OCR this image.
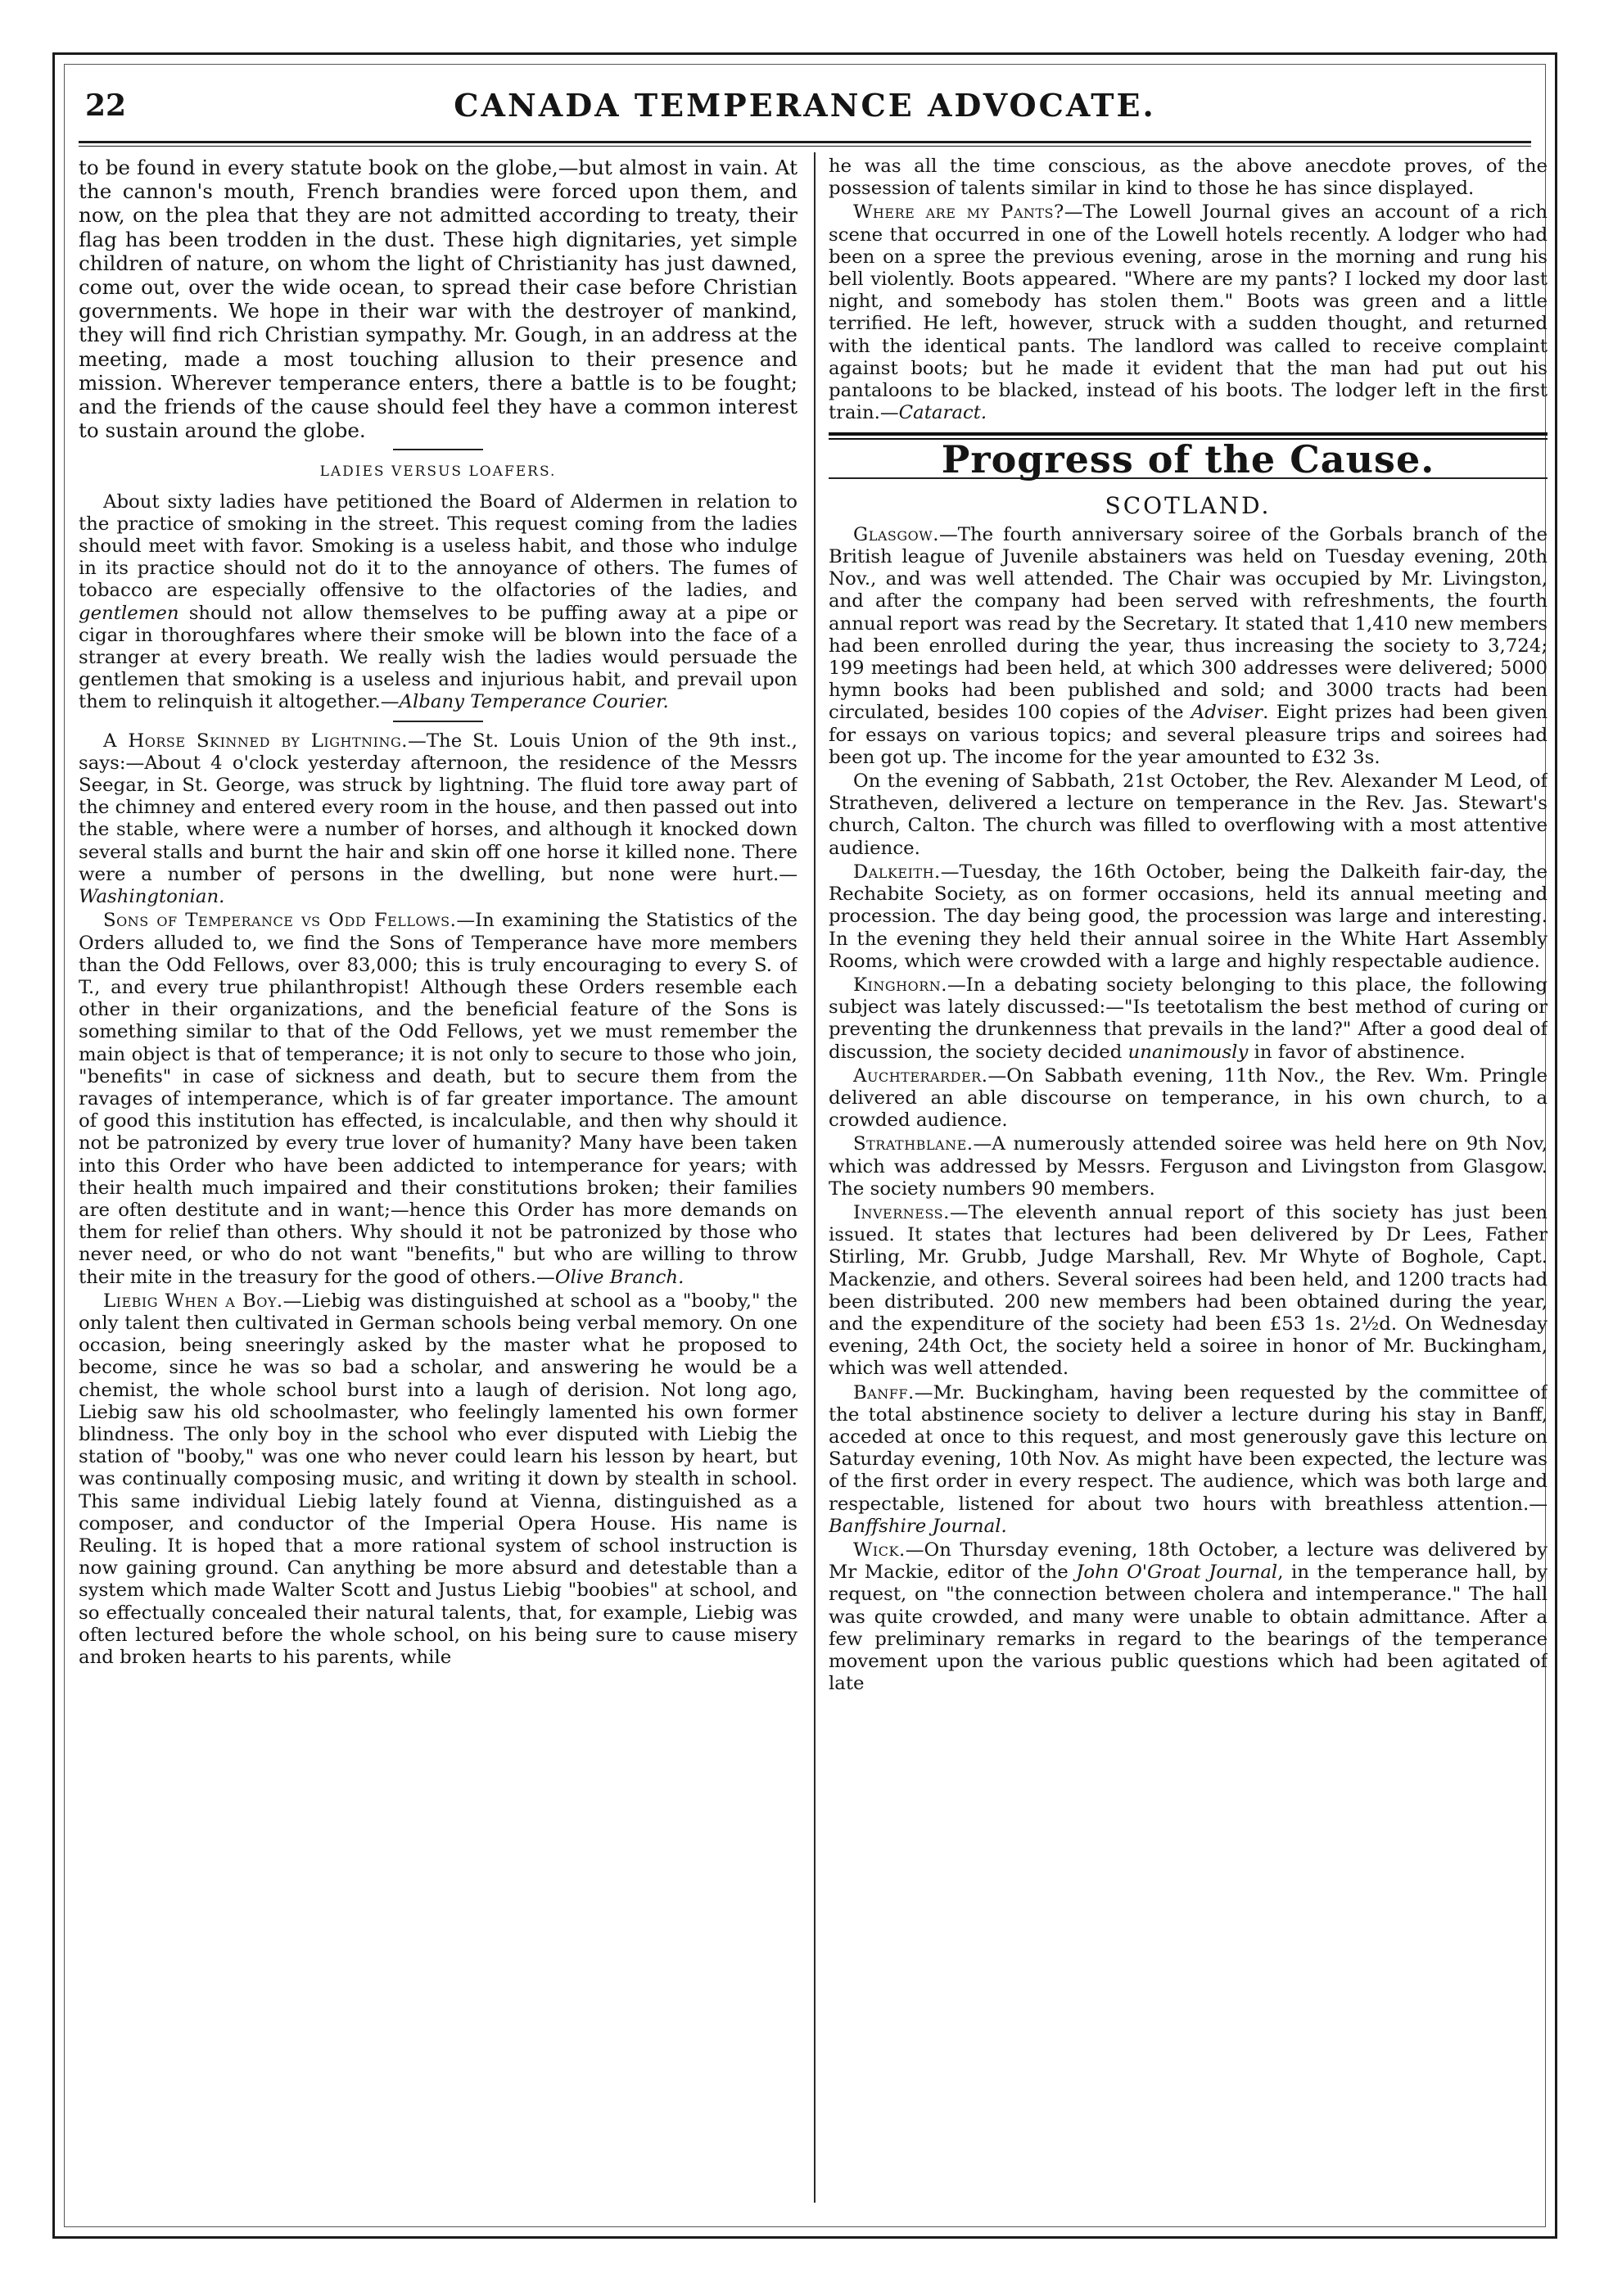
22	CANADA TEMPERANCE ADVOCATE.

to be found in every statute book on the globe,—but almost in vain. At the cannon's mouth, French brandies were forced upon them, and now, on the plea that they are not admitted according to treaty, their flag has been trodden in the dust. These high dignitaries, yet simple children of nature, on whom the light of Christianity has just dawned, come out, over the wide ocean, to spread their case before Christian governments. We hope in their war with the destroyer of mankind, they will find rich Christian sympathy. Mr. Gough, in an address at the meeting, made a most touching allusion to their presence and mission. Wherever temperance enters, there a battle is to be fought; and the friends of the cause should feel they have a common interest to sustain around the globe.

LADIES VERSUS LOAFERS.

About sixty ladies have petitioned the Board of Aldermen in relation to the practice of smoking in the street. This request coming from the ladies should meet with favor. Smoking is a useless habit, and those who indulge in its practice should not do it to the annoyance of others. The fumes of tobacco are especially offensive to the olfactories of the ladies, and gentlemen should not allow themselves to be puffing away at a pipe or cigar in thoroughfares where their smoke will be blown into the face of a stranger at every breath. We really wish the ladies would persuade the gentlemen that smoking is a useless and injurious habit, and prevail upon them to relinquish it altogether.—Albany Temperance Courier.

A Horse Skinned by Lightning.—The St. Louis Union of the 9th inst., says:—About 4 o'clock yesterday afternoon, the residence of the Messrs Seegar, in St. George, was struck by lightning. The fluid tore away part of the chimney and entered every room in the house, and then passed out into the stable, where were a number of horses, and although it knocked down several stalls and burnt the hair and skin off one horse it killed none. There were a number of persons in the dwelling, but none were hurt.—Washingtonian.

Sons of Temperance vs Odd Fellows.—In examining the Statistics of the Orders alluded to, we find the Sons of Temperance have more members than the Odd Fellows, over 83,000; this is truly encouraging to every S. of T., and every true philanthropist! Although these Orders resemble each other in their organizations, and the beneficial feature of the Sons is something similar to that of the Odd Fellows, yet we must remember the main object is that of temperance; it is not only to secure to those who join, "benefits" in case of sickness and death, but to secure them from the ravages of intemperance, which is of far greater importance. The amount of good this institution has effected, is incalculable, and then why should it not be patronized by every true lover of humanity? Many have been taken into this Order who have been addicted to intemperance for years; with their health much impaired and their constitutions broken; their families are often destitute and in want;—hence this Order has more demands on them for relief than others. Why should it not be patronized by those who never need, or who do not want "benefits," but who are willing to throw their mite in the treasury for the good of others.—Olive Branch.

Liebig When a Boy.—Liebig was distinguished at school as a "booby," the only talent then cultivated in German schools being verbal memory. On one occasion, being sneeringly asked by the master what he proposed to become, since he was so bad a scholar, and answering he would be a chemist, the whole school burst into a laugh of derision. Not long ago, Liebig saw his old schoolmaster, who feelingly lamented his own former blindness. The only boy in the school who ever disputed with Liebig the station of "booby," was one who never could learn his lesson by heart, but was continually composing music, and writing it down by stealth in school. This same individual Liebig lately found at Vienna, distinguished as a composer, and conductor of the Imperial Opera House. His name is Reuling. It is hoped that a more rational system of school instruction is now gaining ground. Can anything be more absurd and detestable than a system which made Walter Scott and Justus Liebig "boobies" at school, and so effectually concealed their natural talents, that, for example, Liebig was often lectured before the whole school, on his being sure to cause misery and broken hearts to his parents, while

he was all the time conscious, as the above anecdote proves, of the possession of talents similar in kind to those he has since displayed.

Where are my Pants?—The Lowell Journal gives an account of a rich scene that occurred in one of the Lowell hotels recently. A lodger who had been on a spree the previous evening, arose in the morning and rung his bell violently. Boots appeared. "Where are my pants? I locked my door last night, and somebody has stolen them." Boots was green and a little terrified. He left, however, struck with a sudden thought, and returned with the identical pants. The landlord was called to receive complaint against boots; but he made it evident that the man had put out his pantaloons to be blacked, instead of his boots. The lodger left in the first train.—Cataract.

Progress of the Cause.
SCOTLAND.

Glasgow.—The fourth anniversary soiree of the Gorbals branch of the British league of Juvenile abstainers was held on Tuesday evening, 20th Nov., and was well attended. The Chair was occupied by Mr. Livingston, and after the company had been served with refreshments, the fourth annual report was read by the Secretary. It stated that 1,410 new members had been enrolled during the year, thus increasing the society to 3,724; 199 meetings had been held, at which 300 addresses were delivered; 5000 hymn books had been published and sold; and 3000 tracts had been circulated, besides 100 copies of the Adviser. Eight prizes had been given for essays on various topics; and several pleasure trips and soirees had been got up. The income for the year amounted to £32 3s.

On the evening of Sabbath, 21st October, the Rev. Alexander M Leod, of Stratheven, delivered a lecture on temperance in the Rev. Jas. Stewart's church, Calton. The church was filled to overflowing with a most attentive audience.

Dalkeith.—Tuesday, the 16th October, being the Dalkeith fair-day, the Rechabite Society, as on former occasions, held its annual meeting and procession. The day being good, the procession was large and interesting. In the evening they held their annual soiree in the White Hart Assembly Rooms, which were crowded with a large and highly respectable audience.

Kinghorn.—In a debating society belonging to this place, the following subject was lately discussed:—"Is teetotalism the best method of curing or preventing the drunkenness that prevails in the land?" After a good deal of discussion, the society decided unanimously in favor of abstinence.

Auchterarder.—On Sabbath evening, 11th Nov., the Rev. Wm. Pringle delivered an able discourse on temperance, in his own church, to a crowded audience.

Strathblane.—A numerously attended soiree was held here on 9th Nov, which was addressed by Messrs. Ferguson and Livingston from Glasgow. The society numbers 90 members.

Inverness.—The eleventh annual report of this society has just been issued. It states that lectures had been delivered by Dr Lees, Father Stirling, Mr. Grubb, Judge Marshall, Rev. Mr Whyte of Boghole, Capt. Mackenzie, and others. Several soirees had been held, and 1200 tracts had been distributed. 200 new members had been obtained during the year, and the expenditure of the society had been £53 1s. 2½d. On Wednesday evening, 24th Oct, the society held a soiree in honor of Mr. Buckingham, which was well attended.

Banff.—Mr. Buckingham, having been requested by the committee of the total abstinence society to deliver a lecture during his stay in Banff, acceded at once to this request, and most generously gave this lecture on Saturday evening, 10th Nov. As might have been expected, the lecture was of the first order in every respect. The audience, which was both large and respectable, listened for about two hours with breathless attention.—Banffshire Journal.

Wick.—On Thursday evening, 18th October, a lecture was delivered by Mr Mackie, editor of the John O'Groat Journal, in the temperance hall, by request, on "the connection between cholera and intemperance." The hall was quite crowded, and many were unable to obtain admittance. After a few preliminary remarks in regard to the bearings of the temperance movement upon the various public questions which had been agitated of late
